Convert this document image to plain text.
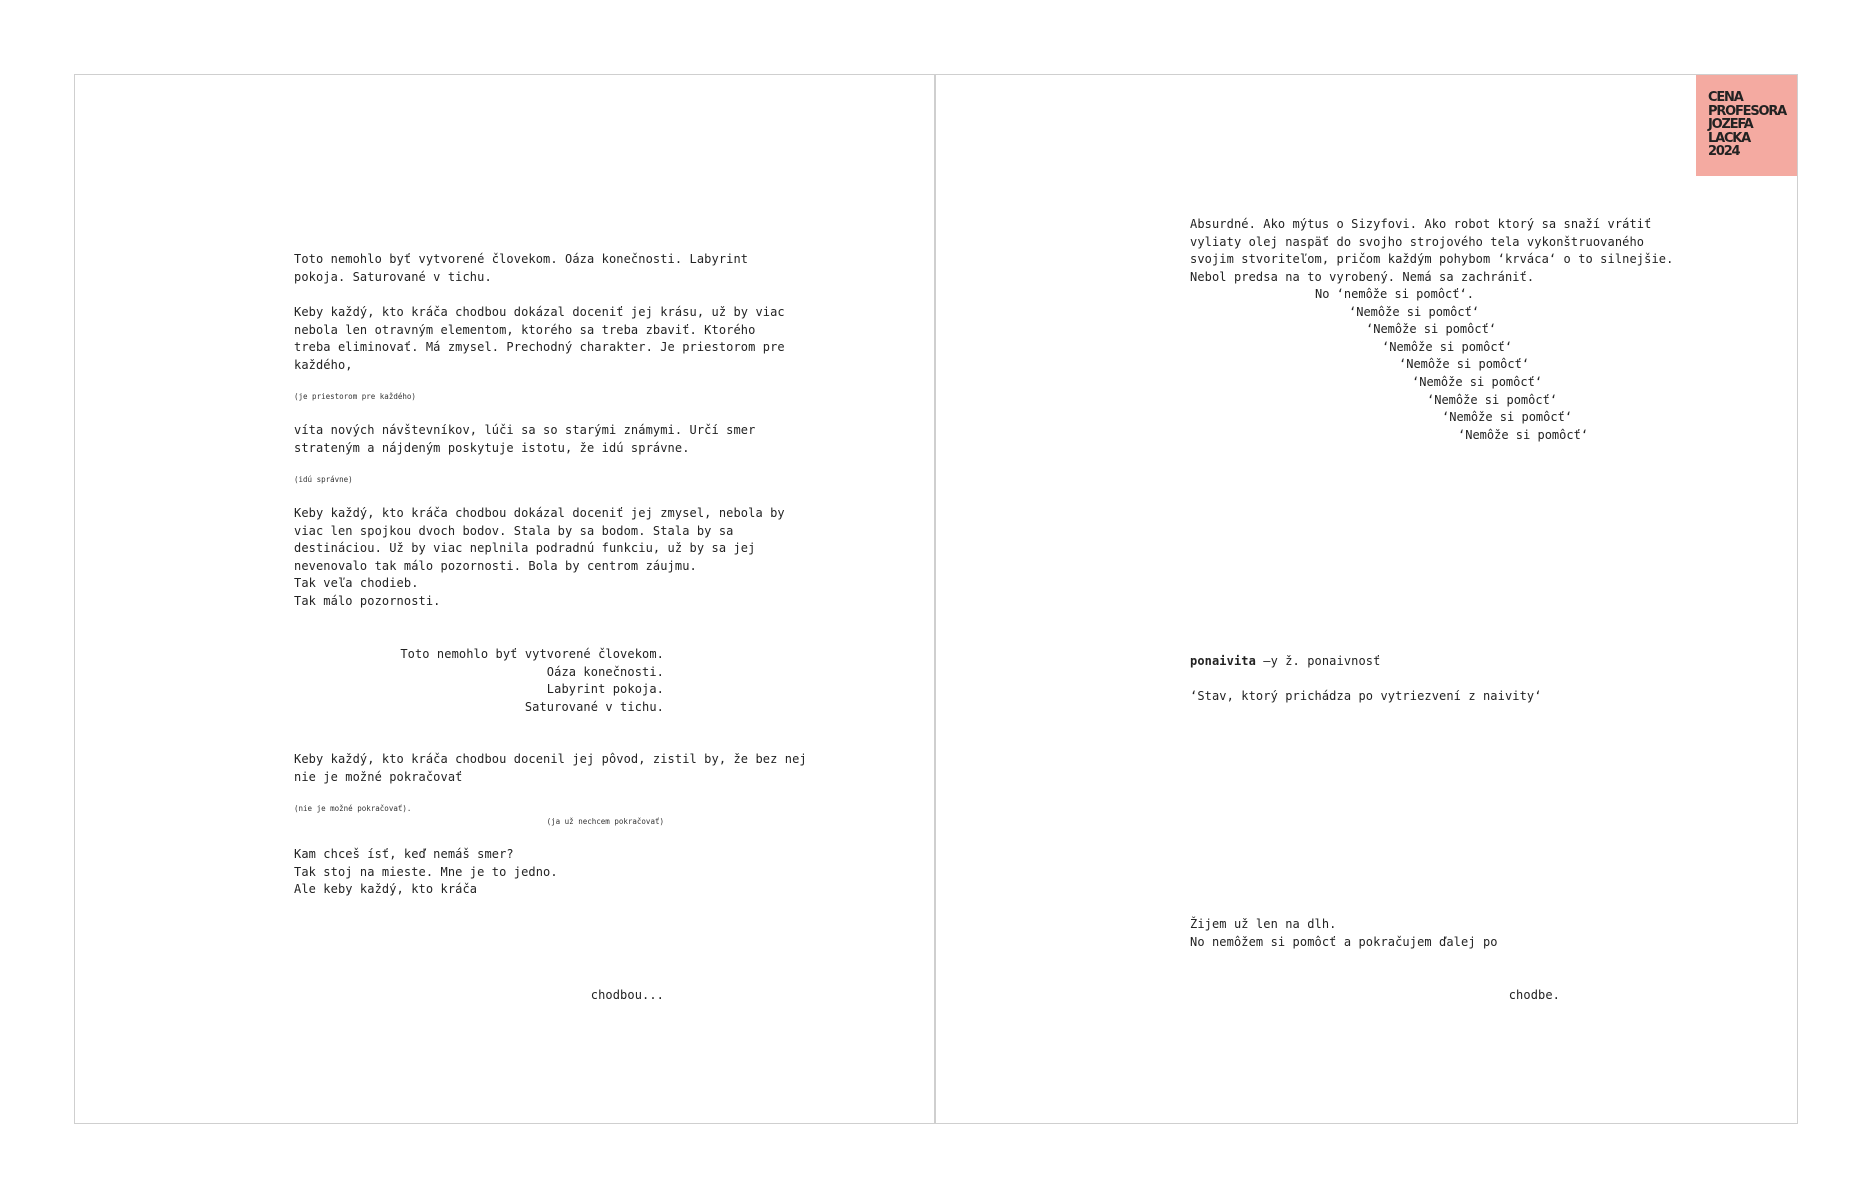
CENA
PROFESORA
JOZEFA
LACKA
2024
Toto nemohlo byť vytvorené človekom. Oáza konečnosti. Labyrint
pokoja. Saturované v tichu.
Keby každý, kto kráča chodbou dokázal doceniť jej krásu, už by viac
nebola len otravným elementom, ktorého sa treba zbaviť. Ktorého
treba eliminovať. Má zmysel. Prechodný charakter. Je priestorom pre
každého,
(je priestorom pre každého)
víta nových návštevníkov, lúči sa so starými známymi. Určí smer
strateným a nájdeným poskytuje istotu, že idú správne.
(idú správne)
Keby každý, kto kráča chodbou dokázal doceniť jej zmysel, nebola by
viac len spojkou dvoch bodov. Stala by sa bodom. Stala by sa
destináciou. Už by viac neplnila podradnú funkciu, už by sa jej
nevenovalo tak málo pozornosti. Bola by centrom záujmu.
Tak veľa chodieb.
Tak málo pozornosti.
Toto nemohlo byť vytvorené človekom.
Oáza konečnosti.
Labyrint pokoja.
Saturované v tichu.
Keby každý, kto kráča chodbou docenil jej pôvod, zistil by, že bez nej
nie je možné pokračovať
(nie je možné pokračovať).
(ja už nechcem pokračovať)
Kam chceš ísť, keď nemáš smer?
Tak stoj na mieste. Mne je to jedno.
Ale keby každý, kto kráča
chodbou...
Absurdné. Ako mýtus o Sizyfovi. Ako robot ktorý sa snaží vrátiť
vyliaty olej naspäť do svojho strojového tela vykonštruovaného
svojim stvoriteľom, pričom každým pohybom ‘krváca‘ o to silnejšie.
Nebol predsa na to vyrobený. Nemá sa zachrániť.
No ‘nemôže si pomôcť‘.
‘Nemôže si pomôcť‘
‘Nemôže si pomôcť‘
‘Nemôže si pomôcť‘
‘Nemôže si pomôcť‘
‘Nemôže si pomôcť‘
‘Nemôže si pomôcť‘
‘Nemôže si pomôcť‘
‘Nemôže si pomôcť‘
ponaivita –y ž. ponaivnosť
‘Stav, ktorý prichádza po vytriezvení z naivity‘
Žijem už len na dlh.
No nemôžem si pomôcť a pokračujem ďalej po
chodbe.
